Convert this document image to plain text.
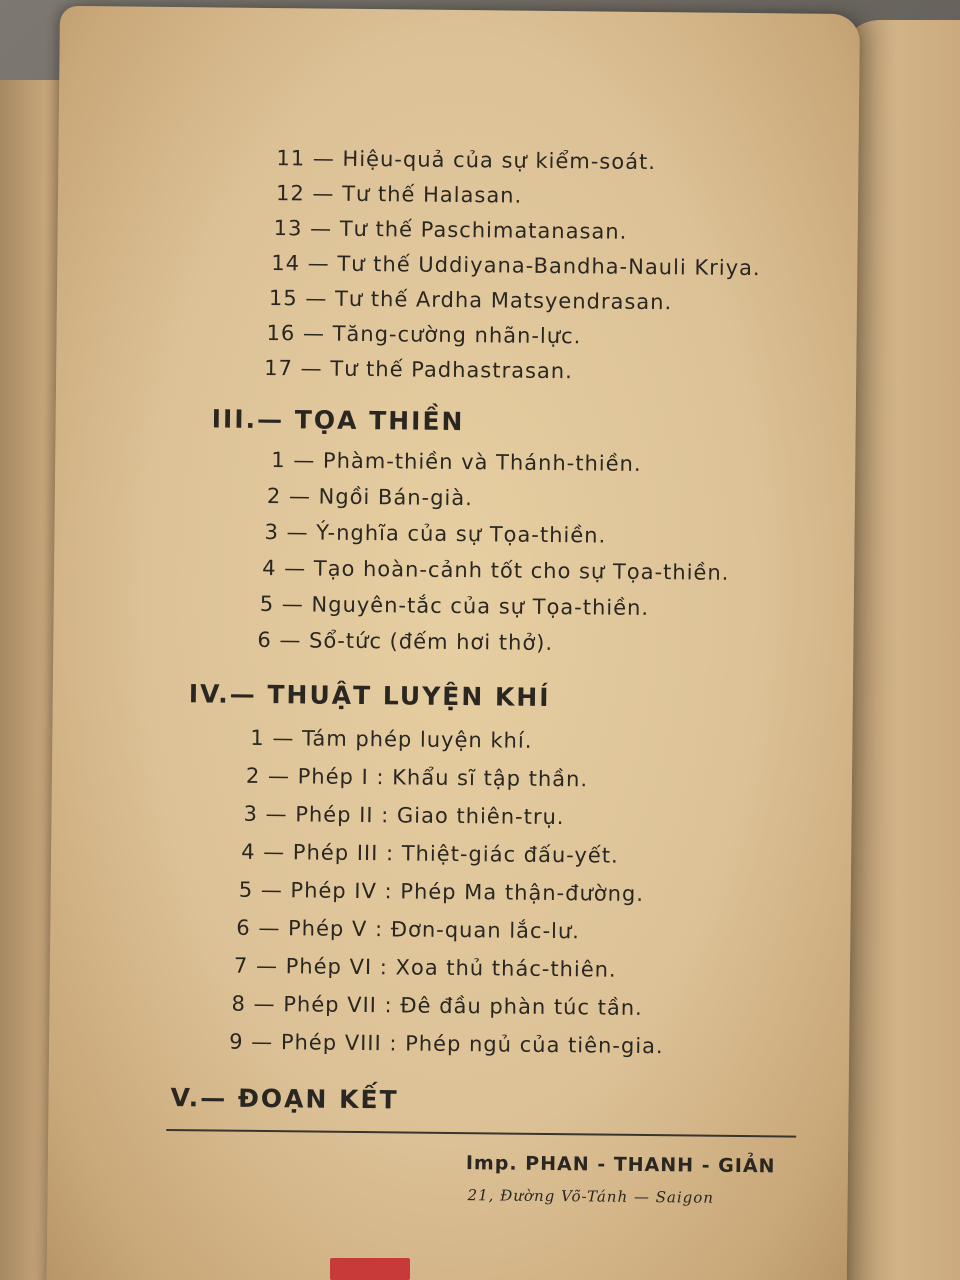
11 — Hiệu-quả của sự kiểm-soát.
12 — Tư thế Halasan.
13 — Tư thế Paschimatanasan.
14 — Tư thế Uddiyana-Bandha-Nauli Kriya.
15 — Tư thế Ardha Matsyendrasan.
16 — Tăng-cường nhãn-lực.
17 — Tư thế Padhastrasan.
III.— TỌA THIỀN
1 — Phàm-thiền và Thánh-thiền.
2 — Ngồi Bán-già.
3 — Ý-nghĩa của sự Tọa-thiền.
4 — Tạo hoàn-cảnh tốt cho sự Tọa-thiền.
5 — Nguyên-tắc của sự Tọa-thiền.
6 — Sổ-tức (đếm hơi thở).
IV.— THUẬT LUYỆN KHÍ
1 — Tám phép luyện khí.
2 — Phép I : Khẩu sĩ tập thần.
3 — Phép II : Giao thiên-trụ.
4 — Phép III : Thiệt-giác đấu-yết.
5 — Phép IV : Phép Ma thận-đường.
6 — Phép V : Đơn-quan lắc-lư.
7 — Phép VI : Xoa thủ thác-thiên.
8 — Phép VII : Đê đầu phàn túc tần.
9 — Phép VIII : Phép ngủ của tiên-gia.
V.— ĐOẠN KẾT
Imp. PHAN - THANH - GIẢN
21, Đường Võ-Tánh — Saigon
